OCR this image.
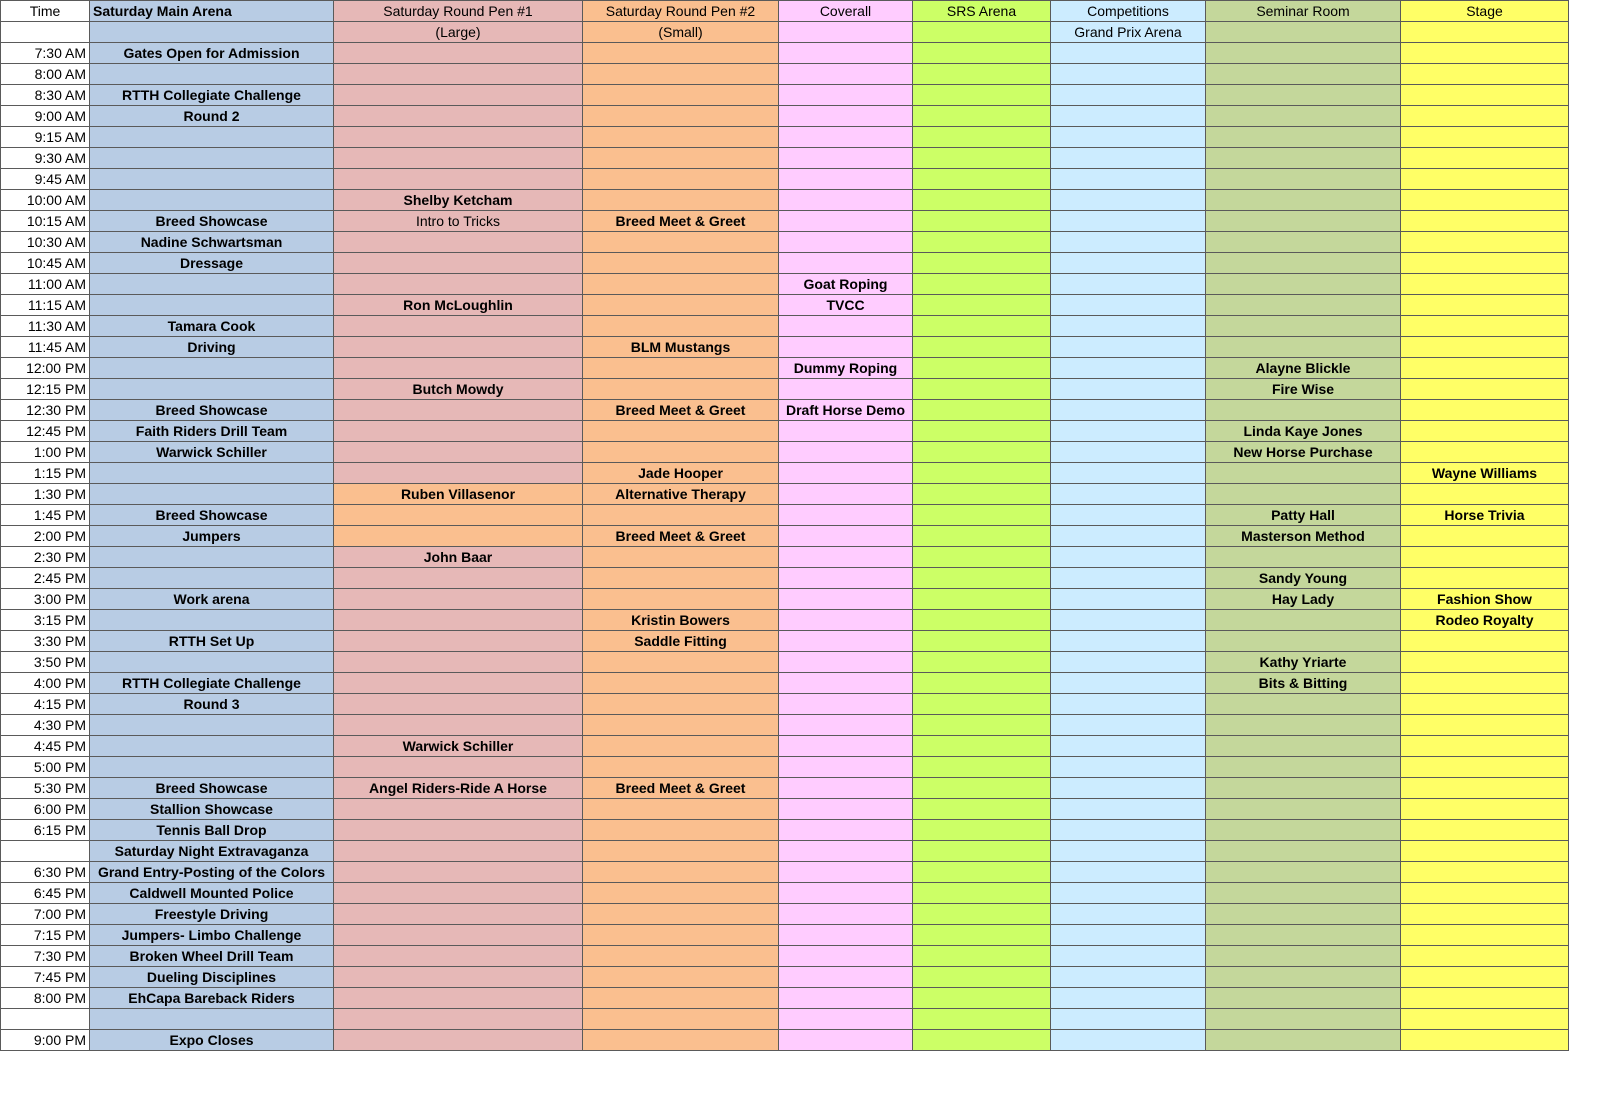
Time	Saturday Main Arena	Saturday Round Pen #1	Saturday Round Pen #2	Coverall	SRS Arena	Competitions	Seminar Room	Stage
		(Large)	(Small)			Grand Prix Arena		
7:30 AM	Gates Open for Admission							
8:00 AM								
8:30 AM	RTTH Collegiate Challenge							
9:00 AM	Round 2							
9:15 AM								
9:30 AM								
9:45 AM								
10:00 AM		Shelby Ketcham						
10:15 AM	Breed Showcase	Intro to Tricks	Breed Meet & Greet					
10:30 AM	Nadine Schwartsman							
10:45 AM	Dressage							
11:00 AM				Goat Roping				
11:15 AM		Ron McLoughlin		TVCC				
11:30 AM	Tamara Cook							
11:45 AM	Driving		BLM Mustangs					
12:00 PM				Dummy Roping			Alayne Blickle	
12:15 PM		Butch Mowdy					Fire Wise	
12:30 PM	Breed Showcase		Breed Meet & Greet	Draft Horse Demo				
12:45 PM	Faith Riders Drill Team						Linda Kaye Jones	
1:00 PM	Warwick Schiller						New Horse Purchase	
1:15 PM			Jade Hooper					Wayne Williams
1:30 PM		Ruben Villasenor	Alternative Therapy					
1:45 PM	Breed Showcase						Patty Hall	Horse Trivia
2:00 PM	Jumpers		Breed Meet & Greet				Masterson Method	
2:30 PM		John Baar						
2:45 PM							Sandy Young	
3:00 PM	Work arena						Hay Lady	Fashion Show
3:15 PM			Kristin Bowers					Rodeo Royalty
3:30 PM	RTTH Set Up		Saddle Fitting					
3:50 PM							Kathy Yriarte	
4:00 PM	RTTH Collegiate Challenge						Bits & Bitting	
4:15 PM	Round 3							
4:30 PM								
4:45 PM		Warwick Schiller						
5:00 PM								
5:30 PM	Breed Showcase	Angel Riders-Ride A Horse	Breed Meet & Greet					
6:00 PM	Stallion Showcase							
6:15 PM	Tennis Ball Drop							
	Saturday Night Extravaganza							
6:30 PM	Grand Entry-Posting of the Colors							
6:45 PM	Caldwell Mounted Police							
7:00 PM	Freestyle Driving							
7:15 PM	Jumpers- Limbo Challenge							
7:30 PM	Broken Wheel Drill Team							
7:45 PM	Dueling Disciplines							
8:00 PM	EhCapa Bareback Riders							

9:00 PM	Expo Closes							
